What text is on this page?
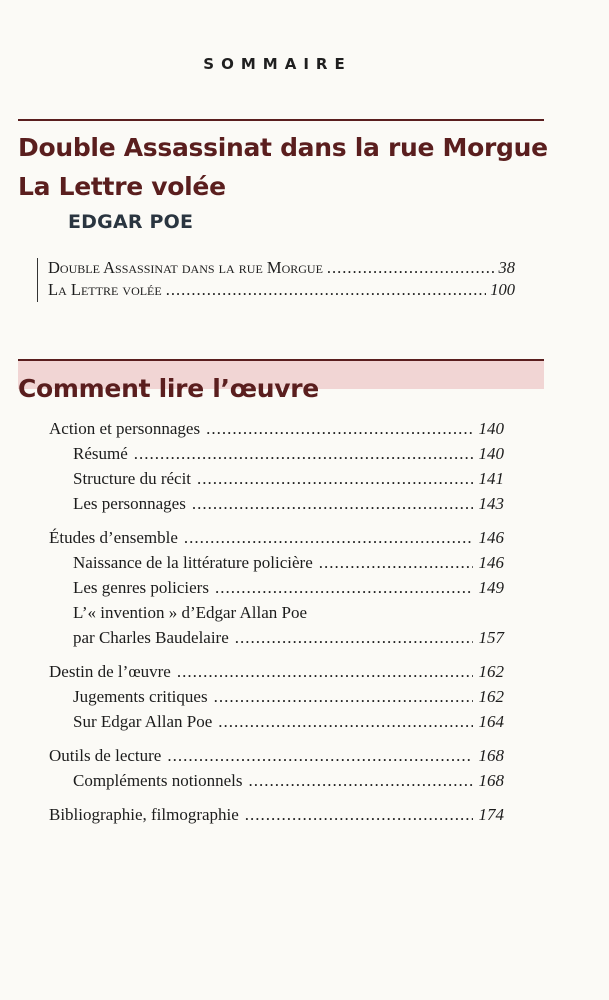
SOMMAIRE
Double Assassinat dans la rue Morgue
La Lettre volée
EDGAR POE
Double Assassinat dans la rue Morgue .....	38
La Lettre volée .....	100
Comment lire l’œuvre
Action et personnages .....	140
Résumé .....	140
Structure du récit .....	141
Les personnages .....	143
Études d’ensemble .....	146
Naissance de la littérature policière .....	146
Les genres policiers .....	149
L’« invention » d’Edgar Allan Poe
par Charles Baudelaire .....	157
Destin de l’œuvre .....	162
Jugements critiques .....	162
Sur Edgar Allan Poe .....	164
Outils de lecture .....	168
Compléments notionnels .....	168
Bibliographie, filmographie .....	174
